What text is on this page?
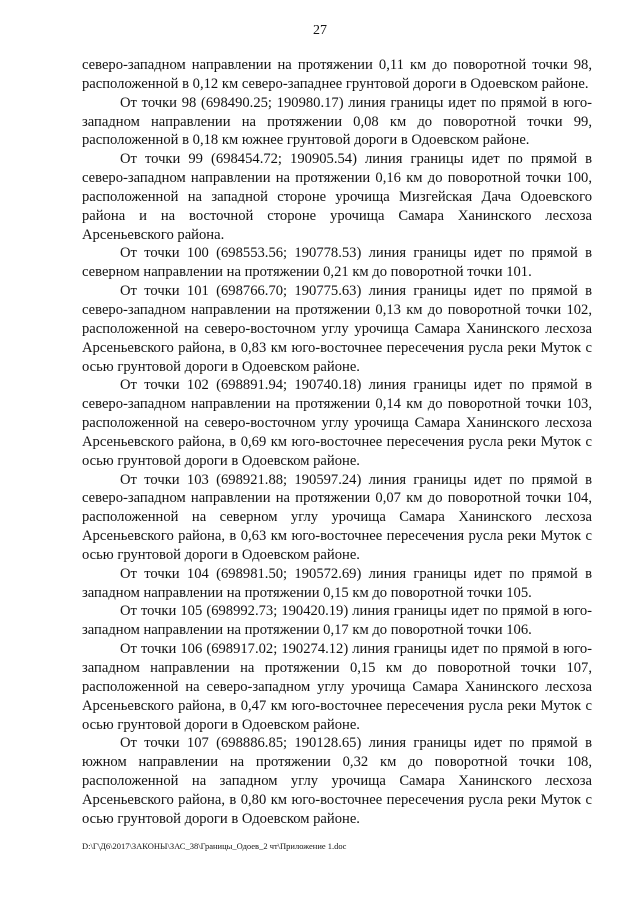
27

северо-западном направлении на протяжении 0,11 км до поворотной точки 98, расположенной в 0,12 км северо-западнее грунтовой дороги в Одоевском районе.

От точки 98 (698490.25; 190980.17) линия границы идет по прямой в юго-западном направлении на протяжении 0,08 км до поворотной точки 99, расположенной в 0,18 км южнее грунтовой дороги в Одоевском районе.

От точки 99 (698454.72; 190905.54) линия границы идет по прямой в северо-западном направлении на протяжении 0,16 км до поворотной точки 100, расположенной на западной стороне урочища Мизгейская Дача Одоевского района и на восточной стороне урочища Самара Ханинского лесхоза Арсеньевского района.

От точки 100 (698553.56; 190778.53) линия границы идет по прямой в северном направлении на протяжении 0,21 км до поворотной точки 101.

От точки 101 (698766.70; 190775.63) линия границы идет по прямой в северо-западном направлении на протяжении 0,13 км до поворотной точки 102, расположенной на северо-восточном углу урочища Самара Ханинского лесхоза Арсеньевского района, в 0,83 км юго-восточнее пересечения русла реки Муток с осью грунтовой дороги в Одоевском районе.

От точки 102 (698891.94; 190740.18) линия границы идет по прямой в северо-западном направлении на протяжении 0,14 км до поворотной точки 103, расположенной на северо-восточном углу урочища Самара Ханинского лесхоза Арсеньевского района, в 0,69 км юго-восточнее пересечения русла реки Муток с осью грунтовой дороги в Одоевском районе.

От точки 103 (698921.88; 190597.24) линия границы идет по прямой в северо-западном направлении на протяжении 0,07 км до поворотной точки 104, расположенной на северном углу урочища Самара Ханинского лесхоза Арсеньевского района, в 0,63 км юго-восточнее пересечения русла реки Муток с осью грунтовой дороги в Одоевском районе.

От точки 104 (698981.50; 190572.69) линия границы идет по прямой в западном направлении на протяжении 0,15 км до поворотной точки 105.

От точки 105 (698992.73; 190420.19) линия границы идет по прямой в юго-западном направлении на протяжении 0,17 км до поворотной точки 106.

От точки 106 (698917.02; 190274.12) линия границы идет по прямой в юго-западном направлении на протяжении 0,15 км до поворотной точки 107, расположенной на северо-западном углу урочища Самара Ханинского лесхоза Арсеньевского района, в 0,47 км юго-восточнее пересечения русла реки Муток с осью грунтовой дороги в Одоевском районе.

От точки 107 (698886.85; 190128.65) линия границы идет по прямой в южном направлении на протяжении 0,32 км до поворотной точки 108, расположенной на западном углу урочища Самара Ханинского лесхоза Арсеньевского района, в 0,80 км юго-восточнее пересечения русла реки Муток с осью грунтовой дороги в Одоевском районе.

D:\Г\Д6\2017\ЗАКОНЫ\ЗАС_38\Границы_Одоев_2 чт\Приложение 1.doc
